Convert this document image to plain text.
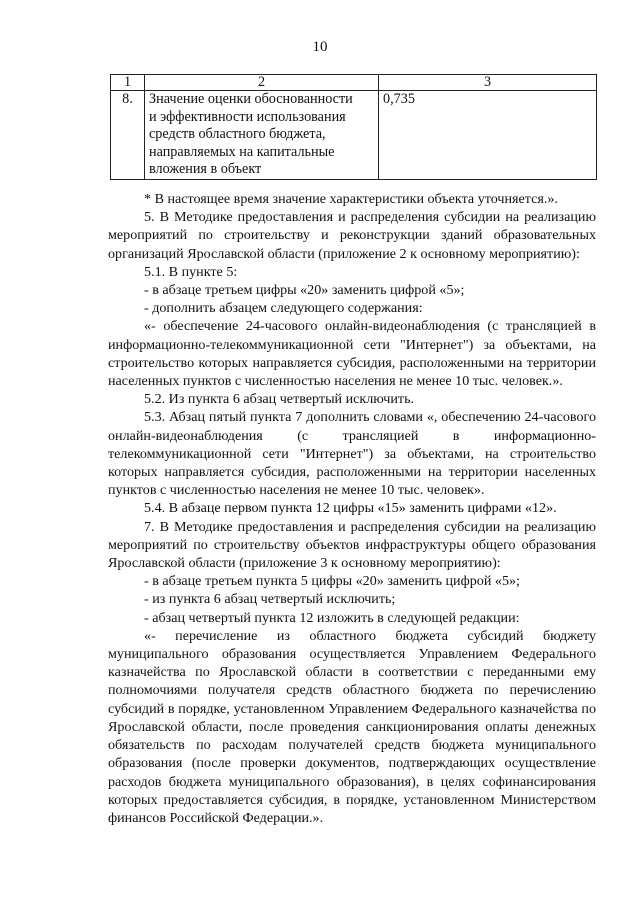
10
1	2	3
8.	Значение оценки обоснованности
и эффективности использования
средств областного бюджета,
направляемых на капитальные
вложения в объект	0,735

* В настоящее время значение характеристики объекта уточняется.».

5. В Методике предоставления и распределения субсидии на реализацию мероприятий по строительству и реконструкции зданий образовательных организаций Ярославской области (приложение 2 к основному мероприятию):

5.1. В пункте 5:

- в абзаце третьем цифры «20» заменить цифрой «5»;

- дополнить абзацем следующего содержания:

«- обеспечение 24-часового онлайн-видеонаблюдения (с трансляцией в информационно-телекоммуникационной сети "Интернет") за объектами, на строительство которых направляется субсидия, расположенными на территории населенных пунктов с численностью населения не менее 10 тыс. человек.».

5.2. Из пункта 6 абзац четвертый исключить.

5.3. Абзац пятый пункта 7 дополнить словами «, обеспечению 24-часового онлайн-видеонаблюдения (с трансляцией в информационно-телекоммуникационной сети "Интернет") за объектами, на строительство которых направляется субсидия, расположенными на территории населенных пунктов с численностью населения не менее 10 тыс. человек».

5.4. В абзаце первом пункта 12 цифры «15» заменить цифрами «12».

7. В Методике предоставления и распределения субсидии на реализацию мероприятий по строительству объектов инфраструктуры общего образования Ярославской области (приложение 3 к основному мероприятию):

- в абзаце третьем пункта 5 цифры «20» заменить цифрой «5»;

- из пункта 6 абзац четвертый исключить;

- абзац четвертый пункта 12 изложить в следующей редакции:

«- перечисление из областного бюджета субсидий бюджету муниципального образования осуществляется Управлением Федерального казначейства по Ярославской области в соответствии с переданными ему полномочиями получателя средств областного бюджета по перечислению субсидий в порядке, установленном Управлением Федерального казначейства по Ярославской области, после проведения санкционирования оплаты денежных обязательств по расходам получателей средств бюджета муниципального образования (после проверки документов, подтверждающих осуществление расходов бюджета муниципального образования), в целях софинансирования которых предоставляется субсидия, в порядке, установленном Министерством финансов Российской Федерации.».
